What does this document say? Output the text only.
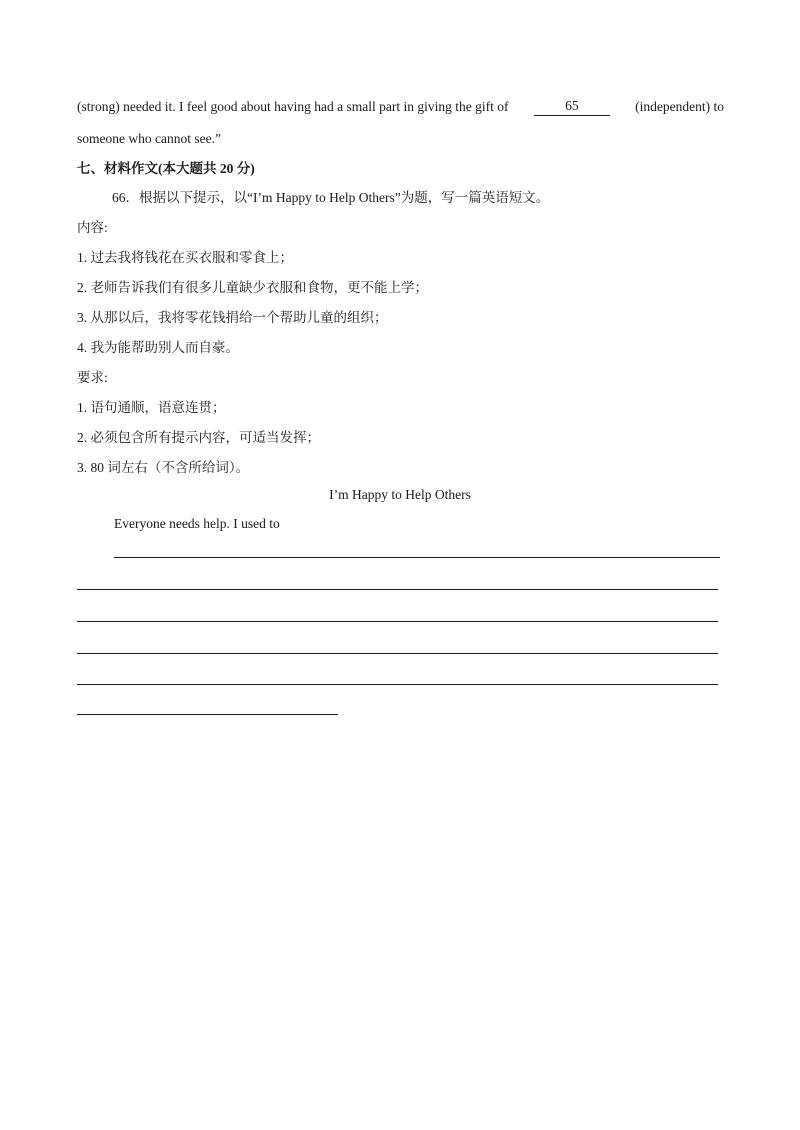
(strong) needed it. I feel good about having had a small part in giving the gift of	65	(independent) to
someone who cannot see.”
七、材料作文(本大题共 20 分)
66．根据以下提示，以“I’m Happy to Help Others”为题，写一篇英语短文。
内容:
1. 过去我将钱花在买衣服和零食上；
2. 老师告诉我们有很多儿童缺少衣服和食物，更不能上学；
3. 从那以后，我将零花钱捐给一个帮助儿童的组织；
4. 我为能帮助别人而自豪。
要求:
1. 语句通顺，语意连贯；
2. 必须包含所有提示内容，可适当发挥；
3. 80 词左右（不含所给词）。
I’m Happy to Help Others
Everyone needs help. I used to
